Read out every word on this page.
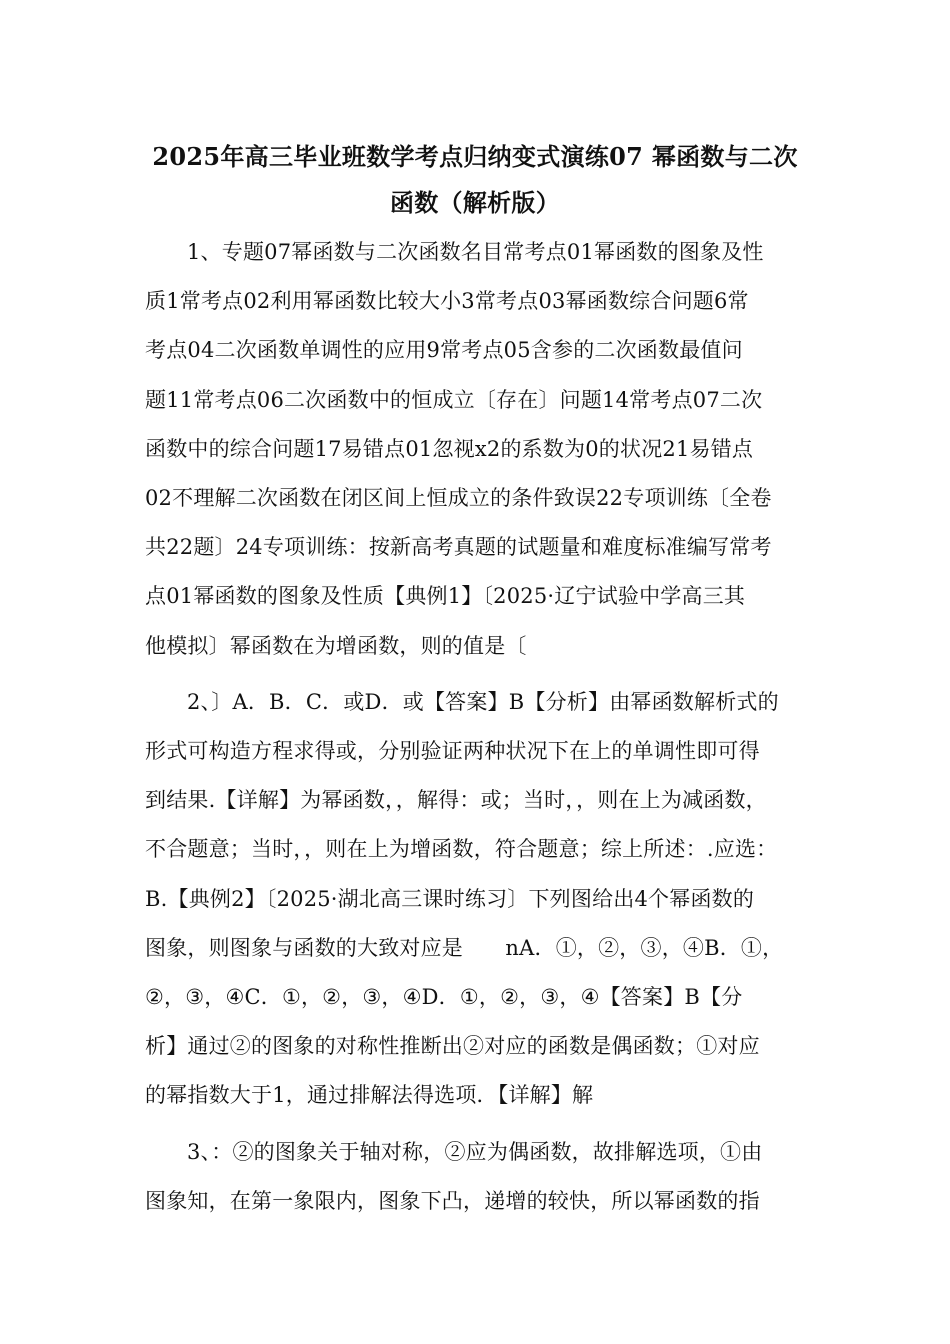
2025年高三毕业班数学考点归纳变式演练07 幂函数与二次
函数（解析版）
1、专题07幂函数与二次函数名目常考点01幂函数的图象及性
质1常考点02利用幂函数比较大小3常考点03幂函数综合问题6常
考点04二次函数单调性的应用9常考点05含参的二次函数最值问
题11常考点06二次函数中的恒成立〔存在〕问题14常考点07二次
函数中的综合问题17易错点01忽视x2的系数为0的状况21易错点
02不理解二次函数在闭区间上恒成立的条件致误22专项训练〔全卷
共22题〕24专项训练：按新高考真题的试题量和难度标准编写常考
点01幂函数的图象及性质【典例1】〔2025·辽宁试验中学高三其
他模拟〕幂函数在为增函数，则的值是〔
2、〕A．B．C．或D．或【答案】B【分析】由幂函数解析式的
形式可构造方程求得或，分别验证两种状况下在上的单调性即可得
到结果.【详解】为幂函数，，解得：或；当时，，则在上为减函数，
不合题意；当时，，则在上为增函数，符合题意；综上所述：.应选：
B.【典例2】〔2025·湖北高三课时练习〕下列图给出4个幂函数的
图象，则图象与函数的大致对应是　　nA．①，②，③，④B．①，
②，③，④C．①，②，③，④D．①，②，③，④【答案】B【分
析】通过②的图象的对称性推断出②对应的函数是偶函数；①对应
的幂指数大于1，通过排解法得选项．【详解】解
3、：②的图象关于轴对称，②应为偶函数，故排解选项，①由
图象知，在第一象限内，图象下凸，递增的较快，所以幂函数的指
